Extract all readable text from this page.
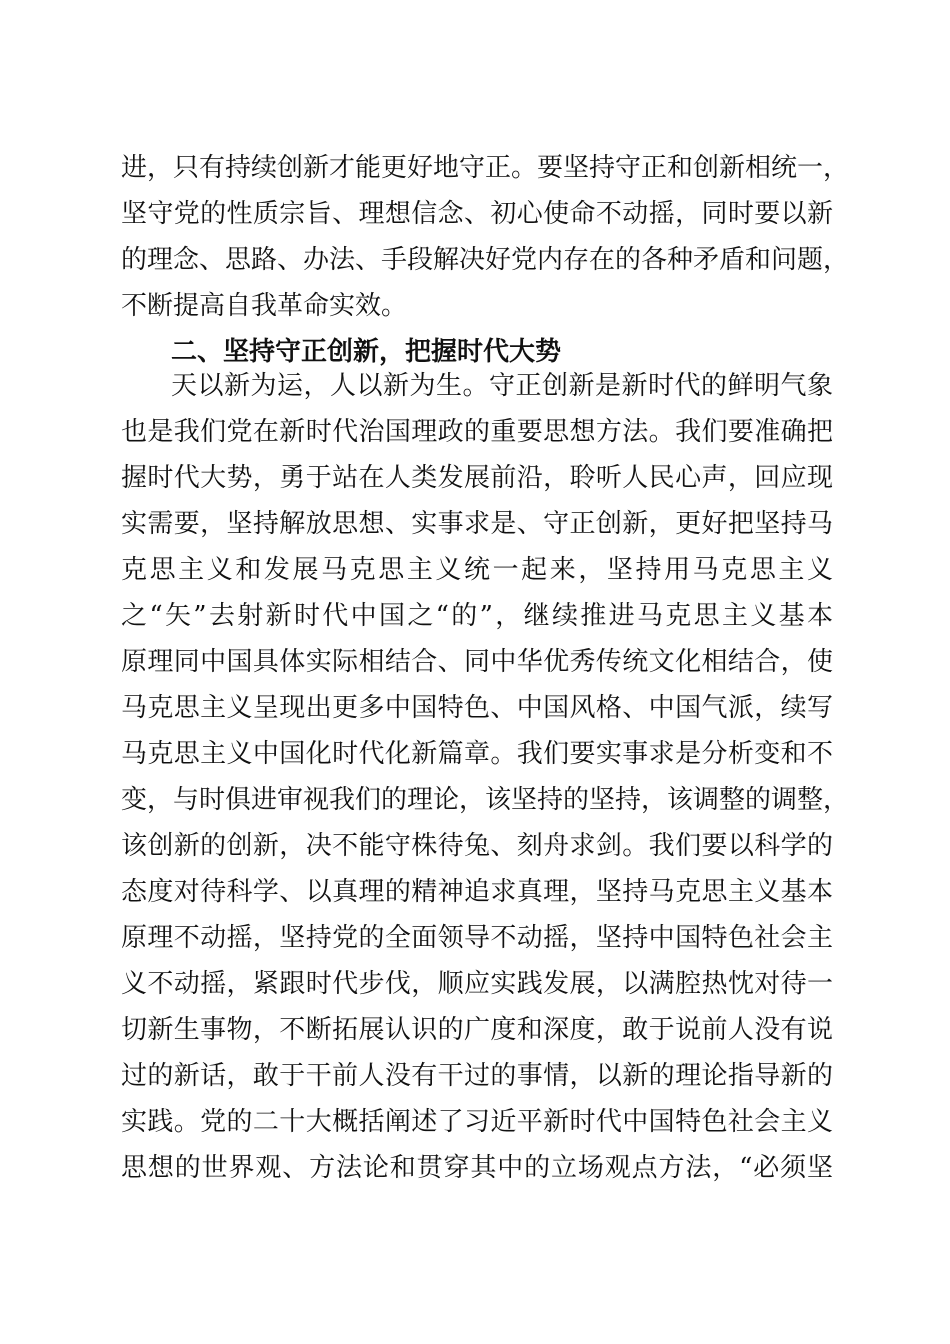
进，只有持续创新才能更好地守正。要坚持守正和创新相统一，
坚守党的性质宗旨、理想信念、初心使命不动摇，同时要以新
的理念、思路、办法、手段解决好党内存在的各种矛盾和问题，
不断提高自我革命实效。
二、坚持守正创新，把握时代大势
天以新为运，人以新为生。守正创新是新时代的鲜明气象
也是我们党在新时代治国理政的重要思想方法。我们要准确把
握时代大势，勇于站在人类发展前沿，聆听人民心声，回应现
实需要，坚持解放思想、实事求是、守正创新，更好把坚持马
克思主义和发展马克思主义统一起来，坚持用马克思主义
之“矢”去射新时代中国之“的”，继续推进马克思主义基本
原理同中国具体实际相结合、同中华优秀传统文化相结合，使
马克思主义呈现出更多中国特色、中国风格、中国气派，续写
马克思主义中国化时代化新篇章。我们要实事求是分析变和不
变，与时俱进审视我们的理论，该坚持的坚持，该调整的调整，
该创新的创新，决不能守株待兔、刻舟求剑。我们要以科学的
态度对待科学、以真理的精神追求真理，坚持马克思主义基本
原理不动摇，坚持党的全面领导不动摇，坚持中国特色社会主
义不动摇，紧跟时代步伐，顺应实践发展，以满腔热忱对待一
切新生事物，不断拓展认识的广度和深度，敢于说前人没有说
过的新话，敢于干前人没有干过的事情，以新的理论指导新的
实践。党的二十大概括阐述了习近平新时代中国特色社会主义
思想的世界观、方法论和贯穿其中的立场观点方法，“必须坚
